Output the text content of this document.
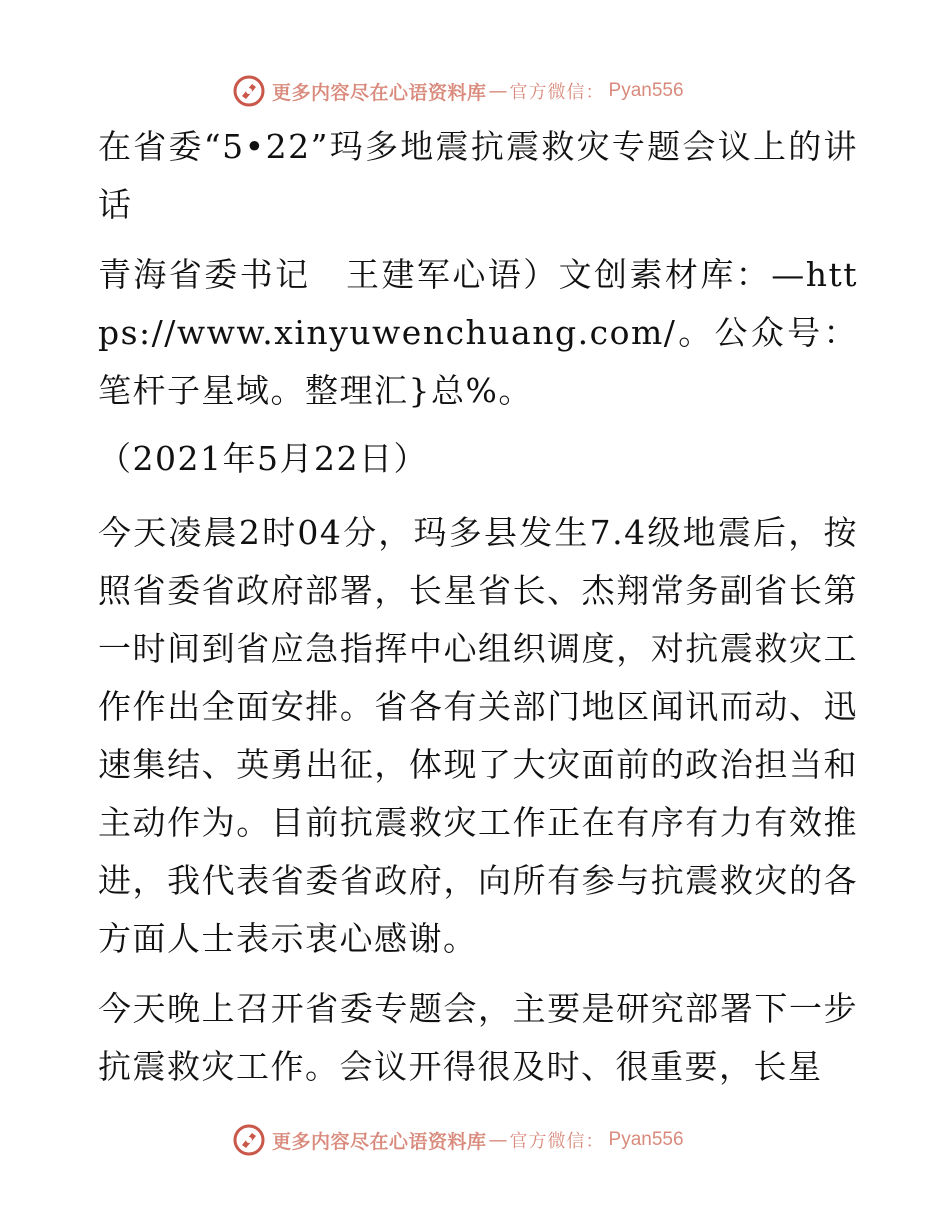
更多内容尽在心语资料库 — 官方微信： Pyan556

在省委“5•22”玛多地震抗震救灾专题会议上的讲话

青海省委书记　王建军心语）文创素材库：—https://www.xinyuwenchuang.com/。公众号：笔杆子星域。整理汇}总%。

（2021年5月22日）

今天凌晨2时04分，玛多县发生7.4级地震后，按照省委省政府部署，长星省长、杰翔常务副省长第一时间到省应急指挥中心组织调度，对抗震救灾工作作出全面安排。省各有关部门地区闻讯而动、迅速集结、英勇出征，体现了大灾面前的政治担当和主动作为。目前抗震救灾工作正在有序有力有效推进，我代表省委省政府，向所有参与抗震救灾的各方面人士表示衷心感谢。

今天晚上召开省委专题会，主要是研究部署下一步抗震救灾工作。会议开得很及时、很重要，长星

更多内容尽在心语资料库 — 官方微信： Pyan556
